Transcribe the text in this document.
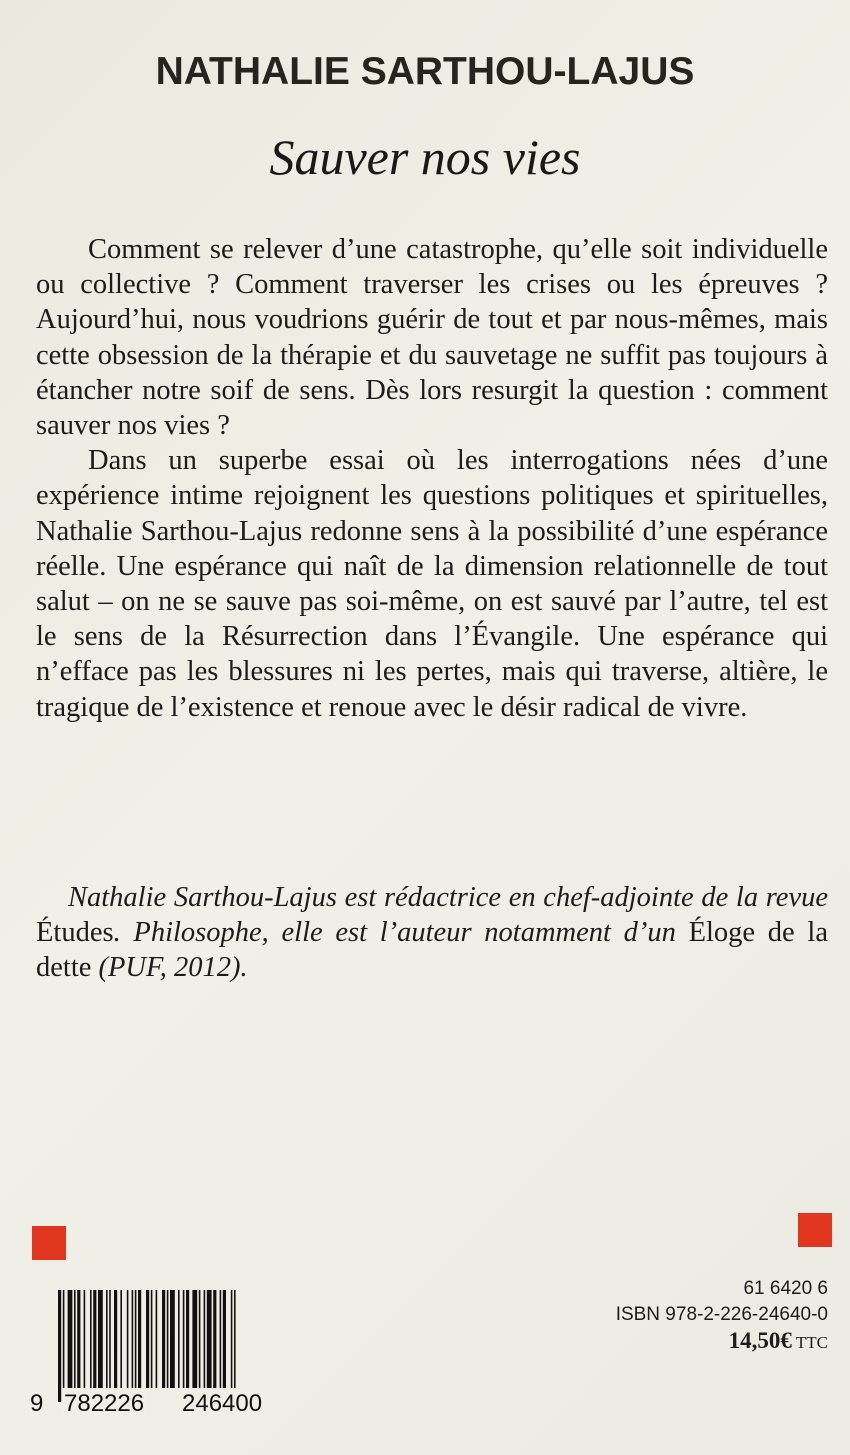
NATHALIE SARTHOU-LAJUS
Sauver nos vies

Comment se relever d’une catastrophe, qu’elle soit individuelle ou collective ? Comment traverser les crises ou les épreuves ? Aujourd’hui, nous voudrions guérir de tout et par nous-mêmes, mais cette obsession de la thérapie et du sauvetage ne suffit pas toujours à étancher notre soif de sens. Dès lors resurgit la question : comment sauver nos vies ?

Dans un superbe essai où les interrogations nées d’une expérience intime rejoignent les questions politiques et spirituelles, Nathalie Sarthou-Lajus redonne sens à la possibilité d’une espérance réelle. Une espérance qui naît de la dimension relationnelle de tout salut – on ne se sauve pas soi-même, on est sauvé par l’autre, tel est le sens de la Résurrection dans l’Évangile. Une espérance qui n’efface pas les blessures ni les pertes, mais qui traverse, altière, le tragique de l’existence et renoue avec le désir radical de vivre.

Nathalie Sarthou-Lajus est rédactrice en chef-adjointe de la revue Études. Philosophe, elle est l’auteur notamment d’un Éloge de la dette (PUF, 2012).
9 782226 246400
61 6420 6
ISBN 978-2-226-24640-0
14,50€ TTC
